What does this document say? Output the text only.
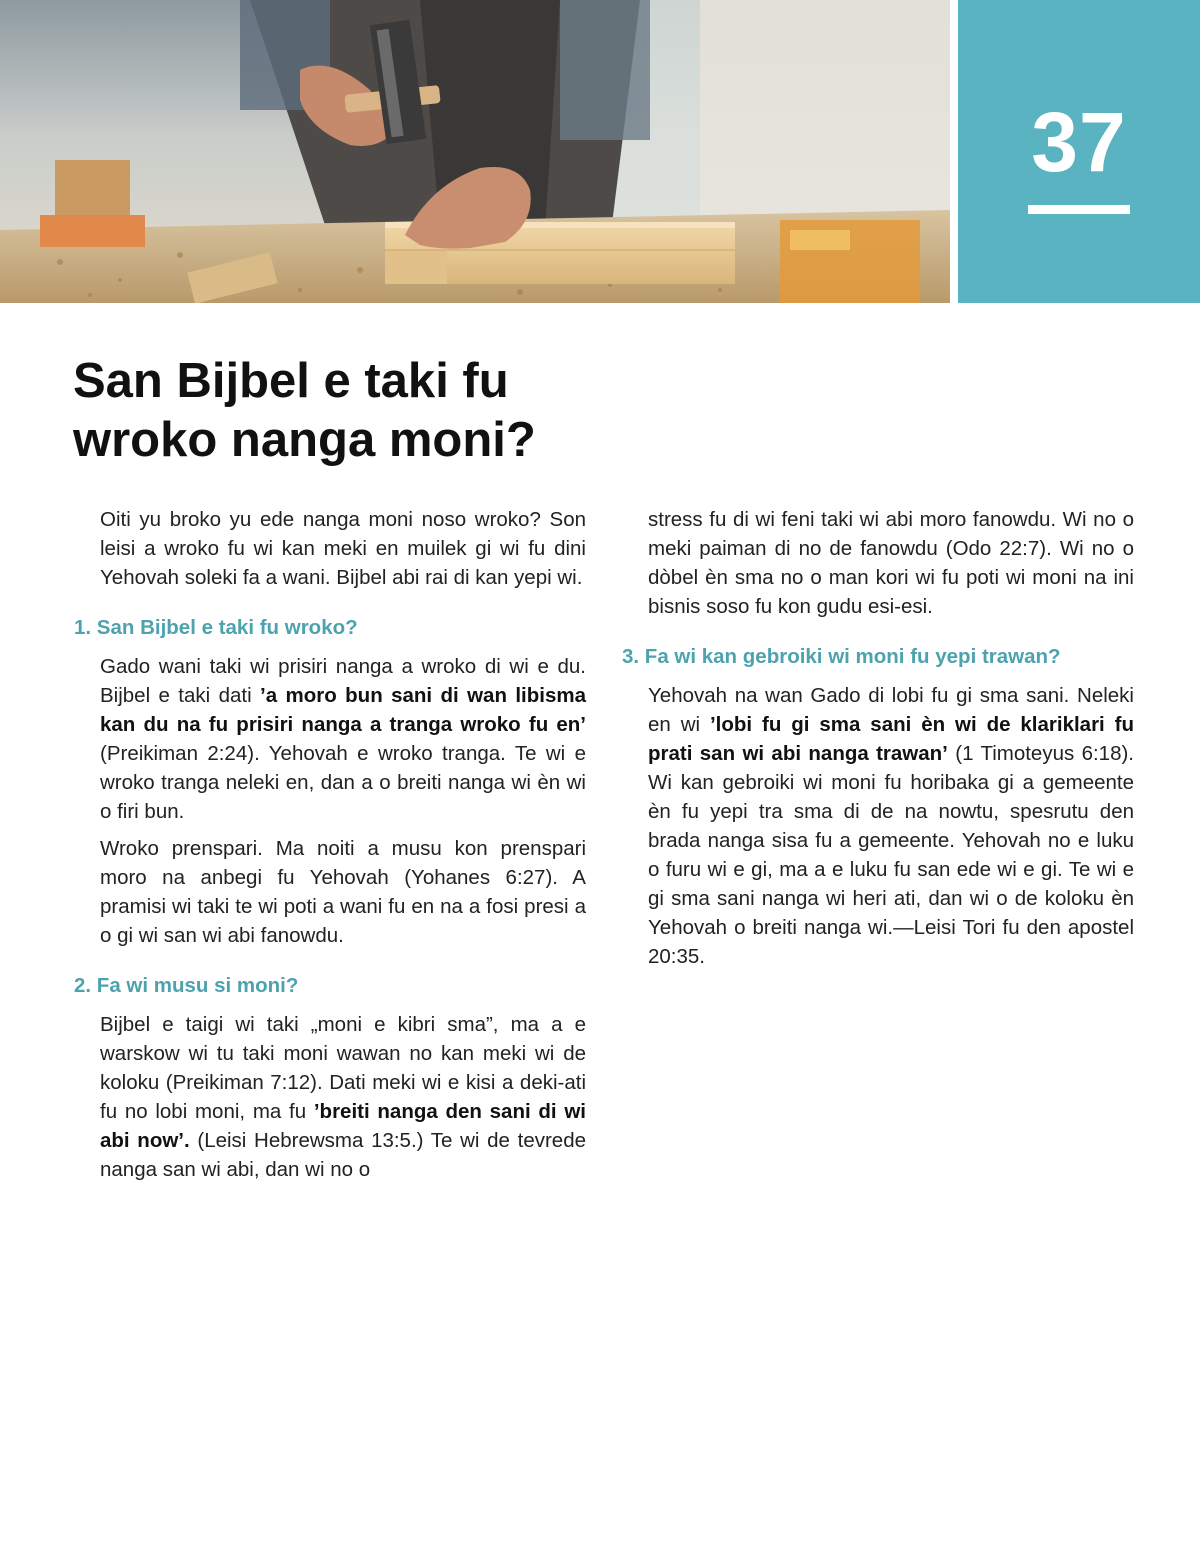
37
San Bijbel e taki fu
wroko nanga moni?

Oiti yu broko yu ede nanga moni noso wroko? Son leisi a wroko fu wi kan meki en muilek gi wi fu dini Yehovah soleki fa a wani. Bijbel abi rai di kan yepi wi.

1. San Bijbel e taki fu wroko?

Gado wani taki wi prisiri nanga a wroko di wi e du. Bijbel e taki dati ’a moro bun sani di wan libisma kan du na fu prisiri nanga a tranga wroko fu en’ (Preikiman 2:24). Yehovah e wroko tranga. Te wi e wroko tranga neleki en, dan a o breiti nanga wi èn wi o firi bun.

Wroko prenspari. Ma noiti a musu kon prenspari moro na anbegi fu Yehovah (Yohanes 6:27). A pramisi wi taki te wi poti a wani fu en na a fosi presi a o gi wi san wi abi fanowdu.

2. Fa wi musu si moni?

Bijbel e taigi wi taki „moni e kibri sma”, ma a e warskow wi tu taki moni wawan no kan meki wi de koloku (Preikiman 7:12). Dati meki wi e kisi a deki-ati fu no lobi moni, ma fu ’breiti nanga den sani di wi abi now’. (Leisi Hebrewsma 13:5.) Te wi de tevrede nanga san wi abi, dan wi no o

stress fu di wi feni taki wi abi moro fanowdu. Wi no o meki paiman di no de fanowdu (Odo 22:7). Wi no o dòbel èn sma no o man kori wi fu poti wi moni na ini bisnis soso fu kon gudu esi-esi.

3. Fa wi kan gebroiki wi moni fu yepi trawan?

Yehovah na wan Gado di lobi fu gi sma sani. Neleki en wi ’lobi fu gi sma sani èn wi de klariklari fu prati san wi abi nanga trawan’ (1 Timoteyus 6:18). Wi kan gebroiki wi moni fu horibaka gi a gemeente èn fu yepi tra sma di de na nowtu, spesrutu den brada nanga sisa fu a gemeente. Yehovah no e luku o furu wi e gi, ma a e luku fu san ede wi e gi. Te wi e gi sma sani nanga wi heri ati, dan wi o de koloku èn Yehovah o breiti nanga wi.—Leisi Tori fu den apostel 20:35.
